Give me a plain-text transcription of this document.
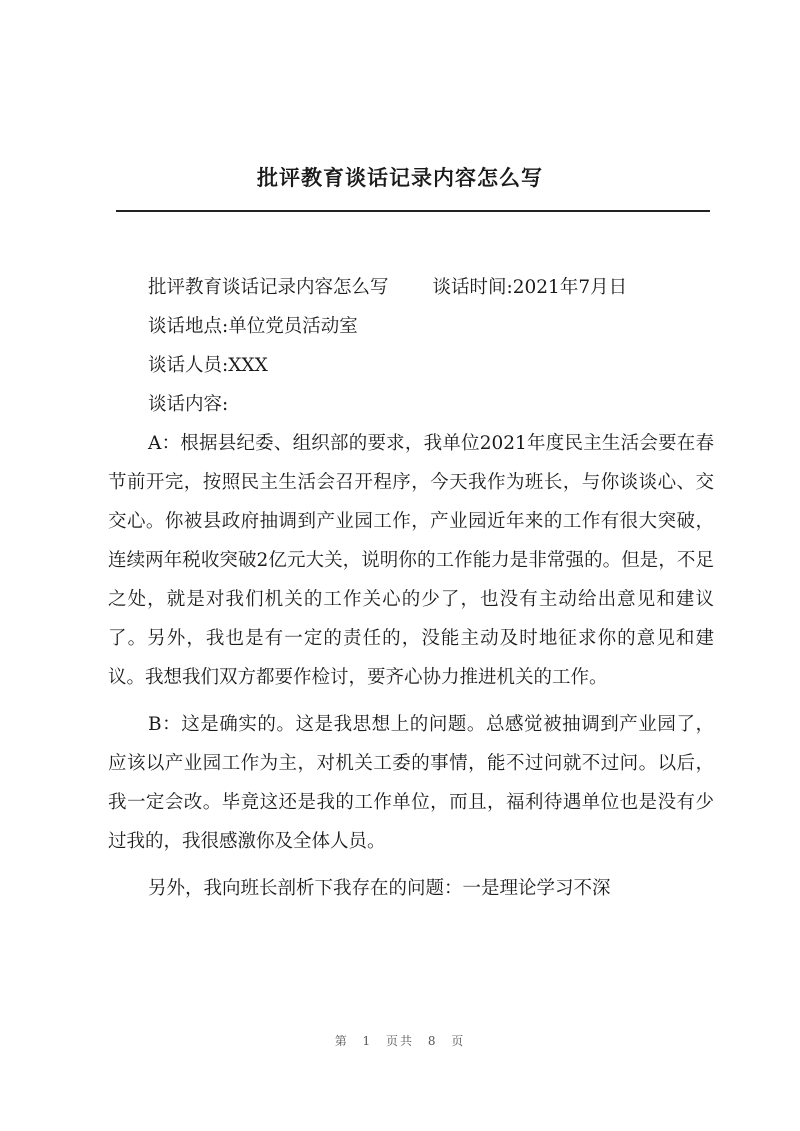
批评教育谈话记录内容怎么写

批评教育谈话记录内容怎么写 谈话时间:2021年7月日

谈话地点:单位党员活动室

谈话人员:XXX

谈话内容:

A：根据县纪委、组织部的要求，我单位2021年度民主生活会要在春节前开完，按照民主生活会召开程序，今天我作为班长，与你谈谈心、交交心。你被县政府抽调到产业园工作，产业园近年来的工作有很大突破，连续两年税收突破2亿元大关，说明你的工作能力是非常强的。但是，不足之处，就是对我们机关的工作关心的少了，也没有主动给出意见和建议了。另外，我也是有一定的责任的，没能主动及时地征求你的意见和建议。我想我们双方都要作检讨，要齐心协力推进机关的工作。

B：这是确实的。这是我思想上的问题。总感觉被抽调到产业园了，应该以产业园工作为主，对机关工委的事情，能不过问就不过问。以后，我一定会改。毕竟这还是我的工作单位，而且，福利待遇单位也是没有少过我的，我很感激你及全体人员。

另外，我向班长剖析下我存在的问题：一是理论学习不深

第 1 页共 8 页
